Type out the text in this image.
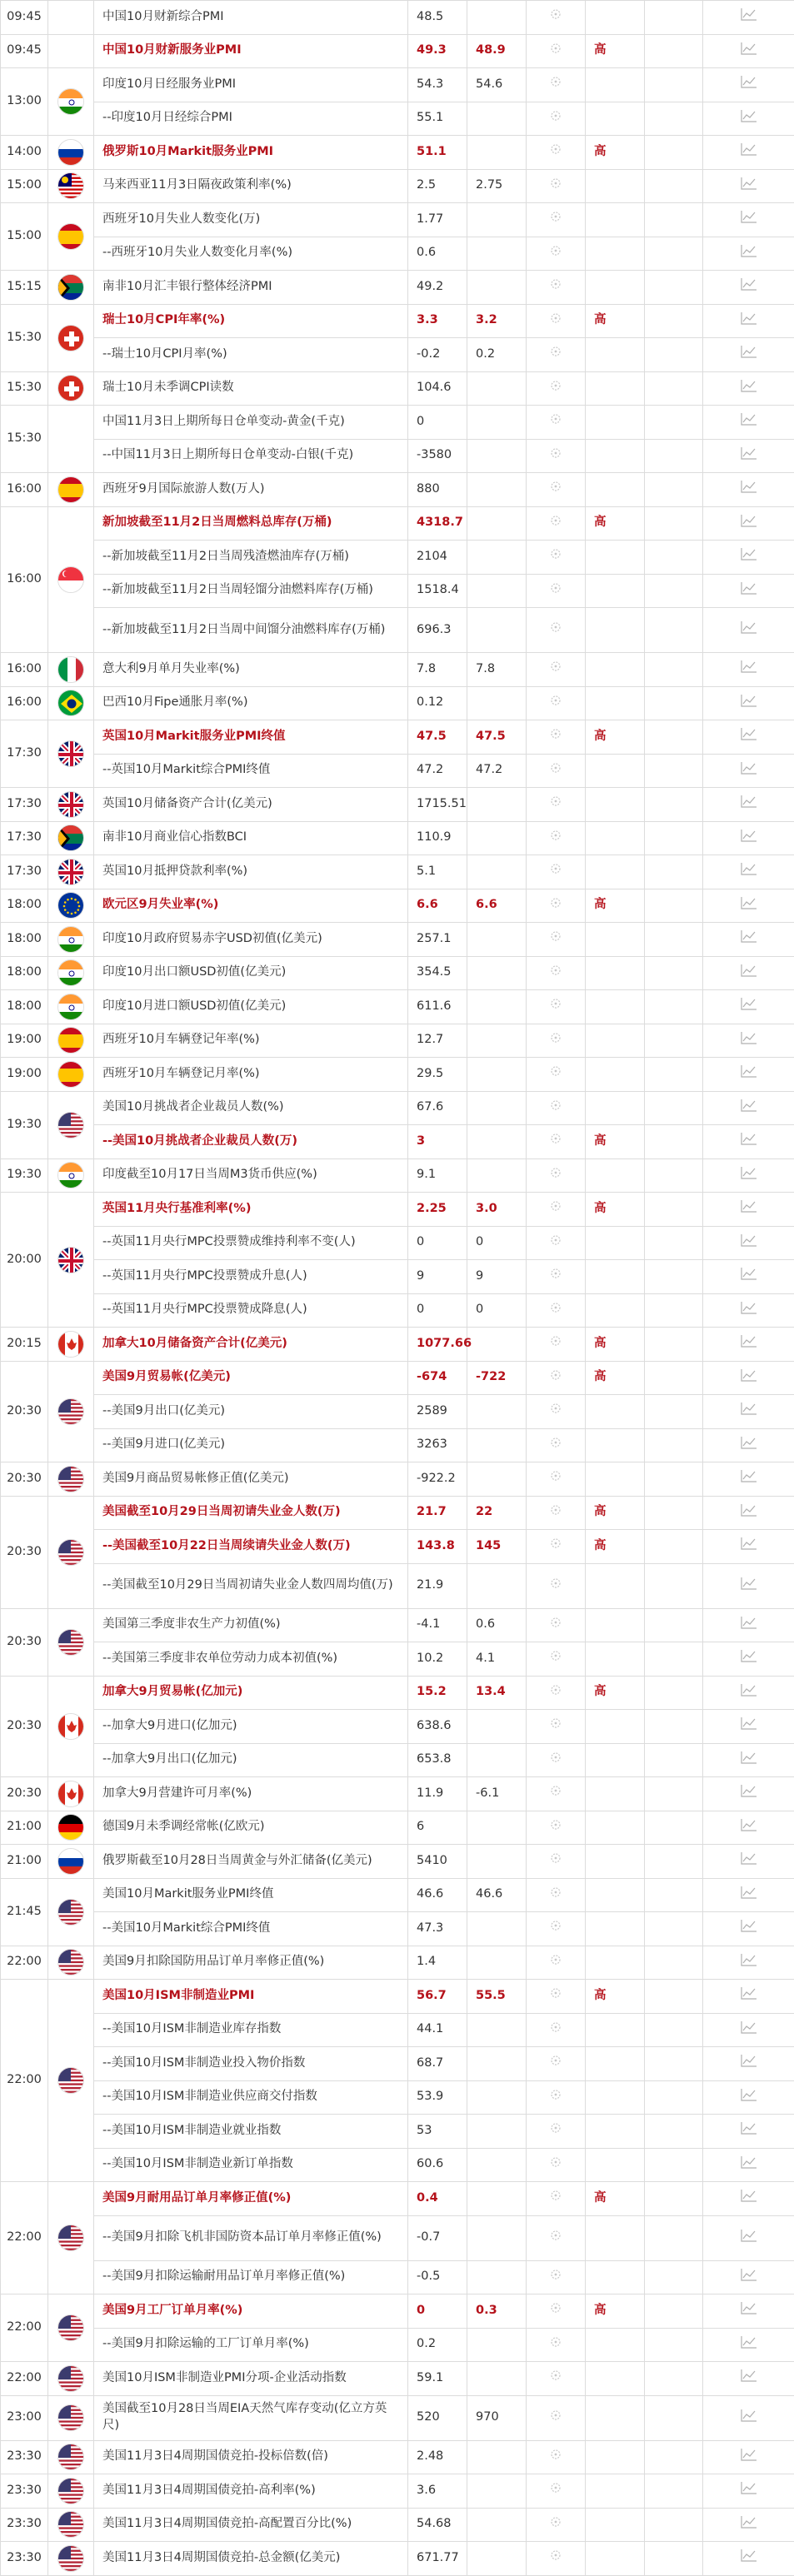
09:45		中国10月财新综合PMI	48.5					
09:45		中国10月财新服务业PMI	49.3	48.9		高		
13:00		印度10月日经服务业PMI	54.3	54.6				
		--印度10月日经综合PMI	55.1					
14:00		俄罗斯10月Markit服务业PMI	51.1			高		
15:00		马来西亚11月3日隔夜政策利率(%)	2.5	2.75				
15:00		西班牙10月失业人数变化(万)	1.77					
		--西班牙10月失业人数变化月率(%)	0.6					
15:15		南非10月汇丰银行整体经济PMI	49.2					
15:30		瑞士10月CPI年率(%)	3.3	3.2		高		
		--瑞士10月CPI月率(%)	-0.2	0.2				
15:30		瑞士10月未季调CPI读数	104.6					
15:30		中国11月3日上期所每日仓单变动-黄金(千克)	0					
		--中国11月3日上期所每日仓单变动-白银(千克)	-3580					
16:00		西班牙9月国际旅游人数(万人)	880					
16:00		新加坡截至11月2日当周燃料总库存(万桶)	4318.7			高		
		--新加坡截至11月2日当周残渣燃油库存(万桶)	2104					
		--新加坡截至11月2日当周轻馏分油燃料库存(万桶)	1518.4					
		--新加坡截至11月2日当周中间馏分油燃料库存(万桶)	696.3					
16:00		意大利9月单月失业率(%)	7.8	7.8				
16:00		巴西10月Fipe通胀月率(%)	0.12					
17:30		英国10月Markit服务业PMI终值	47.5	47.5		高		
		--英国10月Markit综合PMI终值	47.2	47.2				
17:30		英国10月储备资产合计(亿美元)	1715.51					
17:30		南非10月商业信心指数BCI	110.9					
17:30		英国10月抵押贷款利率(%)	5.1					
18:00		欧元区9月失业率(%)	6.6	6.6		高		
18:00		印度10月政府贸易赤字USD初值(亿美元)	257.1					
18:00		印度10月出口额USD初值(亿美元)	354.5					
18:00		印度10月进口额USD初值(亿美元)	611.6					
19:00		西班牙10月车辆登记年率(%)	12.7					
19:00		西班牙10月车辆登记月率(%)	29.5					
19:30		美国10月挑战者企业裁员人数(%)	67.6					
		--美国10月挑战者企业裁员人数(万)	3			高		
19:30		印度截至10月17日当周M3货币供应(%)	9.1					
20:00		英国11月央行基准利率(%)	2.25	3.0		高		
		--英国11月央行MPC投票赞成维持利率不变(人)	0	0				
		--英国11月央行MPC投票赞成升息(人)	9	9				
		--英国11月央行MPC投票赞成降息(人)	0	0				
20:15		加拿大10月储备资产合计(亿美元)	1077.66			高		
20:30		美国9月贸易帐(亿美元)	-674	-722		高		
		--美国9月出口(亿美元)	2589					
		--美国9月进口(亿美元)	3263					
20:30		美国9月商品贸易帐修正值(亿美元)	-922.2					
20:30		美国截至10月29日当周初请失业金人数(万)	21.7	22		高		
		--美国截至10月22日当周续请失业金人数(万)	143.8	145		高		
		--美国截至10月29日当周初请失业金人数四周均值(万)	21.9					
20:30		美国第三季度非农生产力初值(%)	-4.1	0.6				
		--美国第三季度非农单位劳动力成本初值(%)	10.2	4.1				
20:30		加拿大9月贸易帐(亿加元)	15.2	13.4		高		
		--加拿大9月进口(亿加元)	638.6					
		--加拿大9月出口(亿加元)	653.8					
20:30		加拿大9月营建许可月率(%)	11.9	-6.1				
21:00		德国9月未季调经常帐(亿欧元)	6					
21:00		俄罗斯截至10月28日当周黄金与外汇储备(亿美元)	5410					
21:45		美国10月Markit服务业PMI终值	46.6	46.6				
		--美国10月Markit综合PMI终值	47.3					
22:00		美国9月扣除国防用品订单月率修正值(%)	1.4					
22:00		美国10月ISM非制造业PMI	56.7	55.5		高		
		--美国10月ISM非制造业库存指数	44.1					
		--美国10月ISM非制造业投入物价指数	68.7					
		--美国10月ISM非制造业供应商交付指数	53.9					
		--美国10月ISM非制造业就业指数	53					
		--美国10月ISM非制造业新订单指数	60.6					
22:00		美国9月耐用品订单月率修正值(%)	0.4			高		
		--美国9月扣除飞机非国防资本品订单月率修正值(%)	-0.7					
		--美国9月扣除运输耐用品订单月率修正值(%)	-0.5					
22:00		美国9月工厂订单月率(%)	0	0.3		高		
		--美国9月扣除运输的工厂订单月率(%)	0.2					
22:00		美国10月ISM非制造业PMI分项-企业活动指数	59.1					
23:00		美国截至10月28日当周EIA天然气库存变动(亿立方英尺)	520	970				
23:30		美国11月3日4周期国债竞拍-投标倍数(倍)	2.48					
23:30		美国11月3日4周期国债竞拍-高利率(%)	3.6					
23:30		美国11月3日4周期国债竞拍-高配置百分比(%)	54.68					
23:30		美国11月3日4周期国债竞拍-总金额(亿美元)	671.77					
